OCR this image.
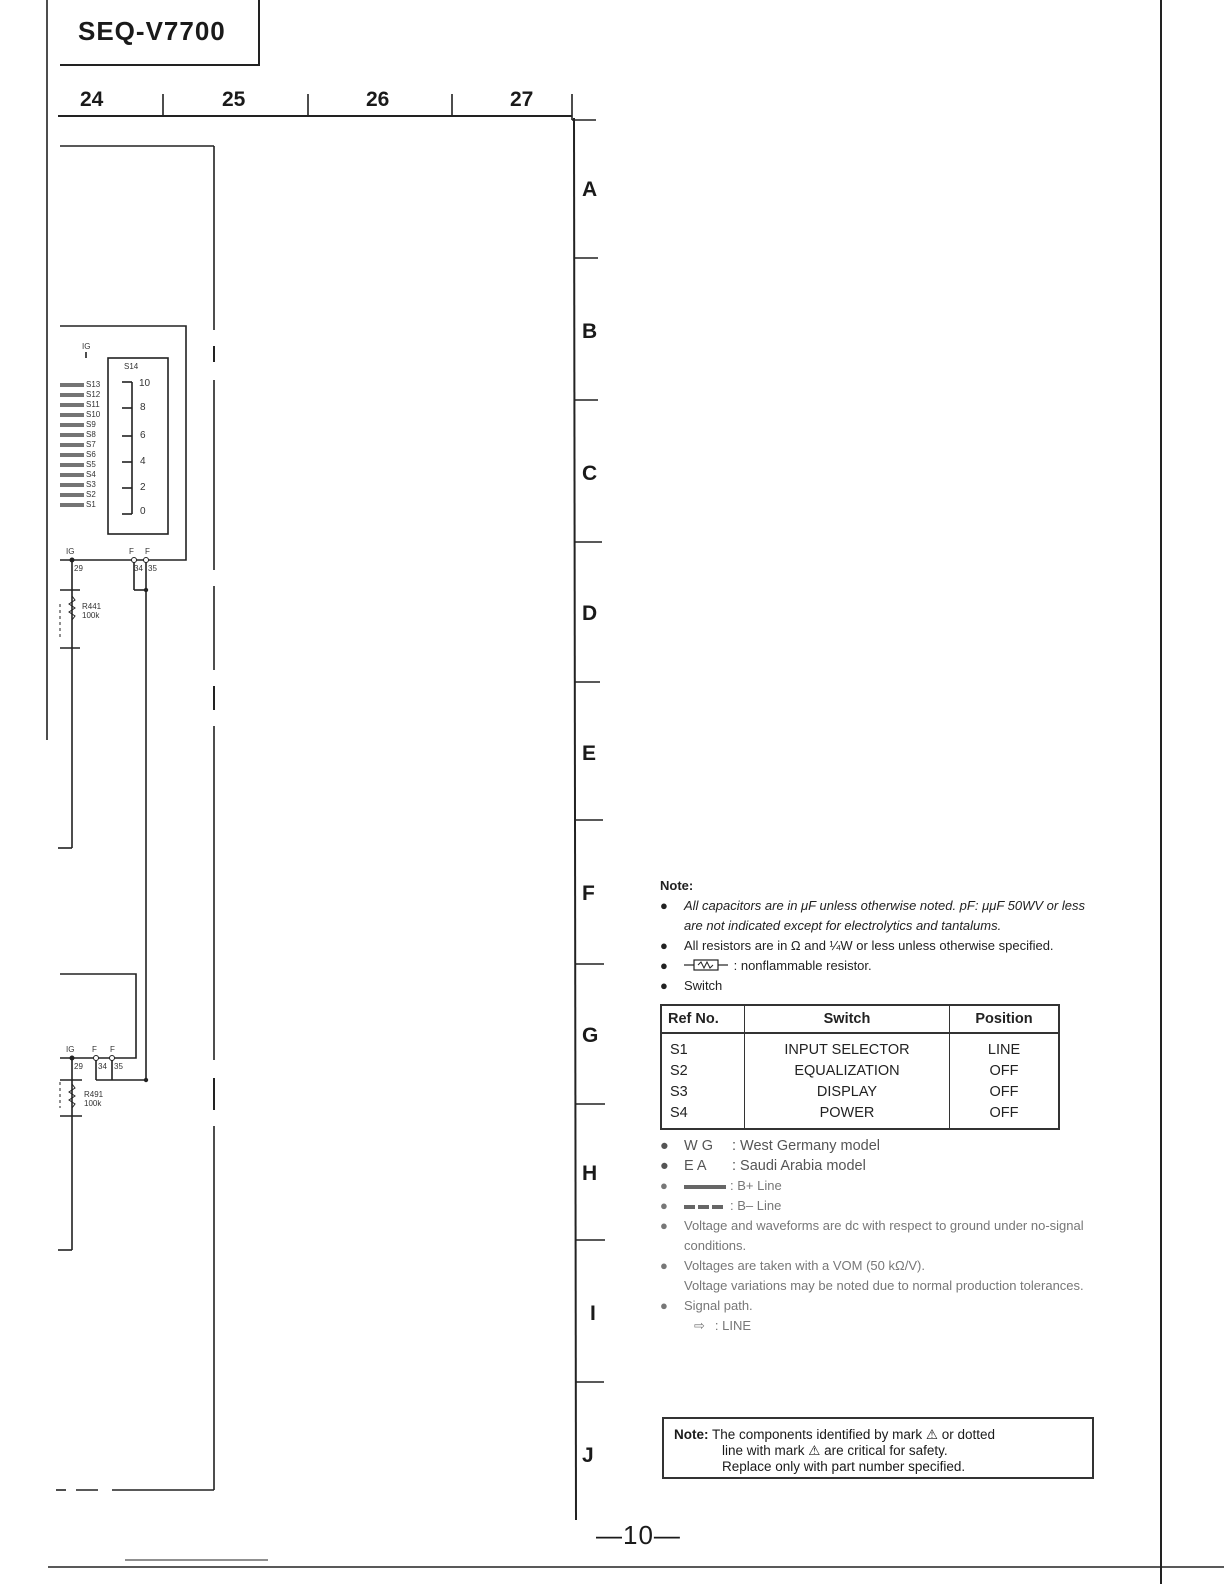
SEQ-V7700
24	25	26	27
A
B
C
D
E
F
G
H
I
J
IG
S14
S13
S12
S11
S10
S9
S8
S7
S6
S5
S4
S3
S2
S1
10
8
6
4
2
0
IG	F F
29	34 35
R441
100k
IG F F
29 34 35
R491
100k
Note:
● All capacitors are in μF unless otherwise noted. pF: μμF 50WV or less are not indicated except for electrolytics and tantalums.
● All resistors are in Ω and ¼W or less unless otherwise specified.
●	: nonflammable resistor.
● Switch
Ref No.	Switch	Position
S1	INPUT SELECTOR	LINE
S2	EQUALIZATION	OFF
S3	DISPLAY	OFF
S4	POWER	OFF
● W G : West Germany model
● E A : Saudi Arabia model
●	: B+ Line
●	: B– Line
● Voltage and waveforms are dc with respect to ground under no-signal conditions.
● Voltages are taken with a VOM (50 kΩ/V).
Voltage variations may be noted due to normal production tolerances.
● Signal path.
⇨ : LINE
Note: The components identified by mark ⚠ or dotted
line with mark ⚠ are critical for safety.
Replace only with part number specified.
—10—
